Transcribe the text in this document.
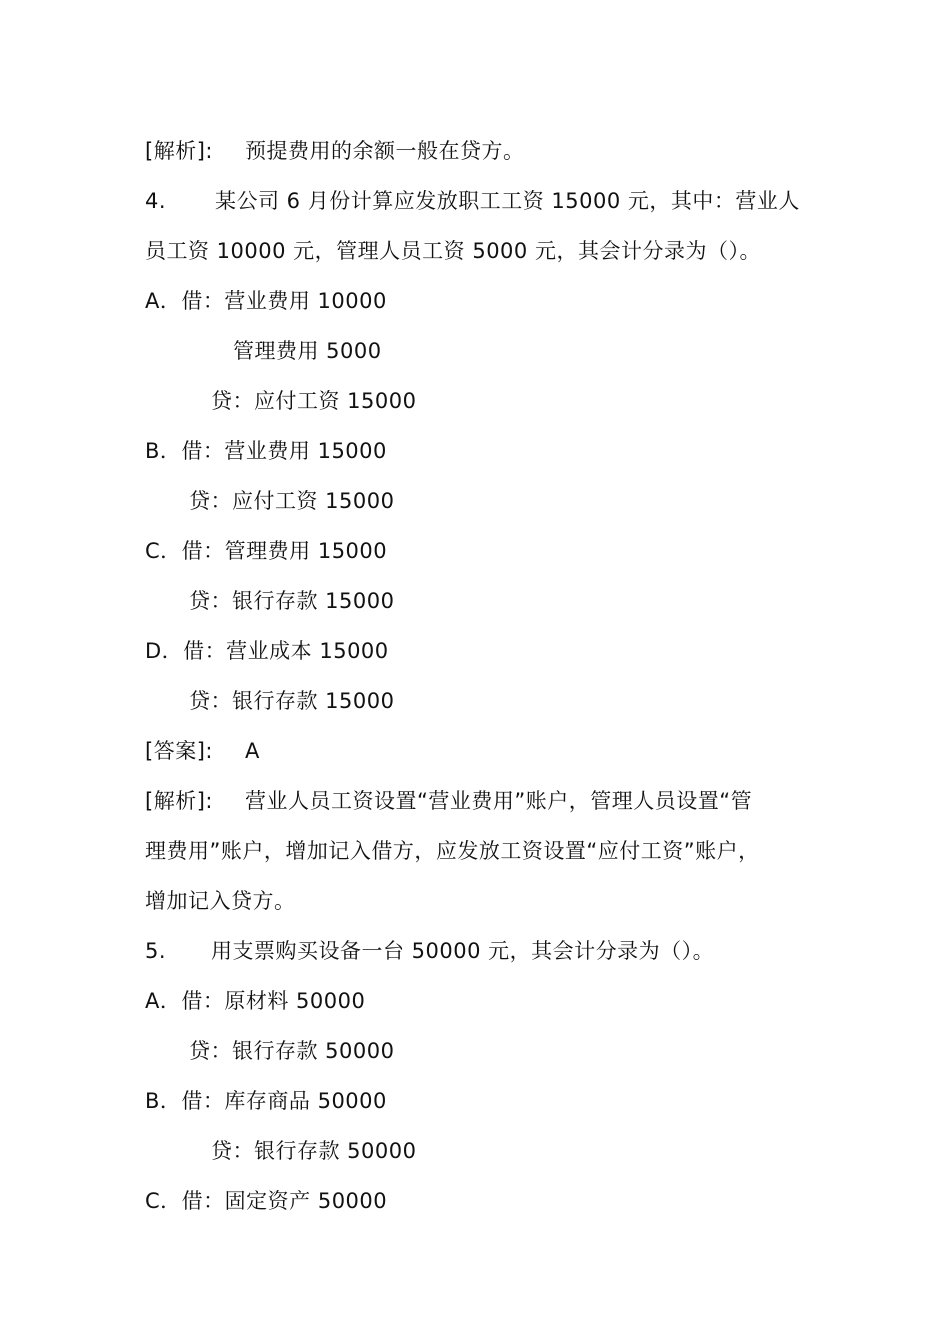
[解析]: 预提费用的余额一般在贷方。
4. 某公司 6 月份计算应发放职工工资 15000 元，其中：营业人
员工资 10000 元，管理人员工资 5000 元，其会计分录为（）。
A．借：营业费用 10000
管理费用 5000
贷：应付工资 15000
B．借：营业费用 15000
贷：应付工资 15000
C．借：管理费用 15000
贷：银行存款 15000
D．借：营业成本 15000
贷：银行存款 15000
[答案]: A
[解析]: 营业人员工资设置“营业费用”账户，管理人员设置“管
理费用”账户，增加记入借方，应发放工资设置“应付工资”账户，
增加记入贷方。
5. 用支票购买设备一台 50000 元，其会计分录为（）。
A．借：原材料 50000
贷：银行存款 50000
B．借：库存商品 50000
贷：银行存款 50000
C．借：固定资产 50000
